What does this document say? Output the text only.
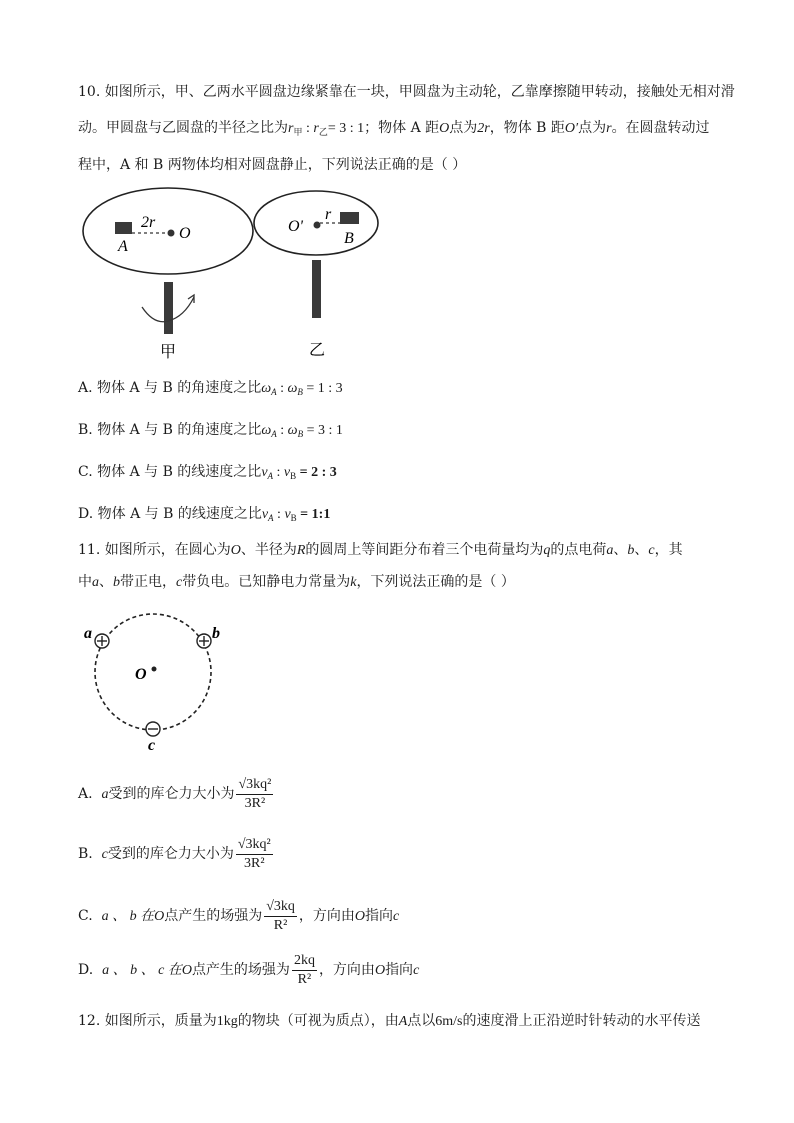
10. 如图所示，甲、乙两水平圆盘边缘紧靠在一块，甲圆盘为主动轮，乙靠摩擦随甲转动，接触处无相对滑
动。甲圆盘与乙圆盘的半径之比为$r_甲$ : $r_乙= 3$ : 1；物体 A 距O点为2r，物体 B 距O′点为r。在圆盘转动过
程中，A 和 B 两物体均相对圆盘静止，下列说法正确的是（ ）
2r
O
A
O'
r
B
甲	乙
A. 物体 A 与 B 的角速度之比$\omega_A$ : $\omega_B = 1$ : 3
B. 物体 A 与 B 的角速度之比$\omega_A$ : $\omega_B = 3$ : 1
C. 物体 A 与 B 的线速度之比$v_A$ : $v_B = 2$ : 3
D. 物体 A 与 B 的线速度之比$v_A$ : $v_B$ = 1:1
11. 如图所示，在圆心为O、半径为R的圆周上等间距分布着三个电荷量均为q的点电荷a、b、c，其
中a、b带正电，c带负电。已知静电力常量为k，下列说法正确的是（ ）
a	b
c
O
A. a受到的库仑力大小为 $\frac{\text{√3kq²}}{\text{3R²}}$
B. c受到的库仑力大小为 $\frac{\text{√3kq²}}{\text{3R²}}$
C. a 、 b 在O点产生的场强为 $\frac{√3kq}{\text{R²}}$ ，方向由O指向c
D. a 、 b 、 c 在O点产生的场强为 $\frac{2kq}{\text{R²}}$ ，方向由O指向c
12. 如图所示，质量为1kg的物块（可视为质点），由A点以6m/s的速度滑上正沿逆时针转动的水平传送
